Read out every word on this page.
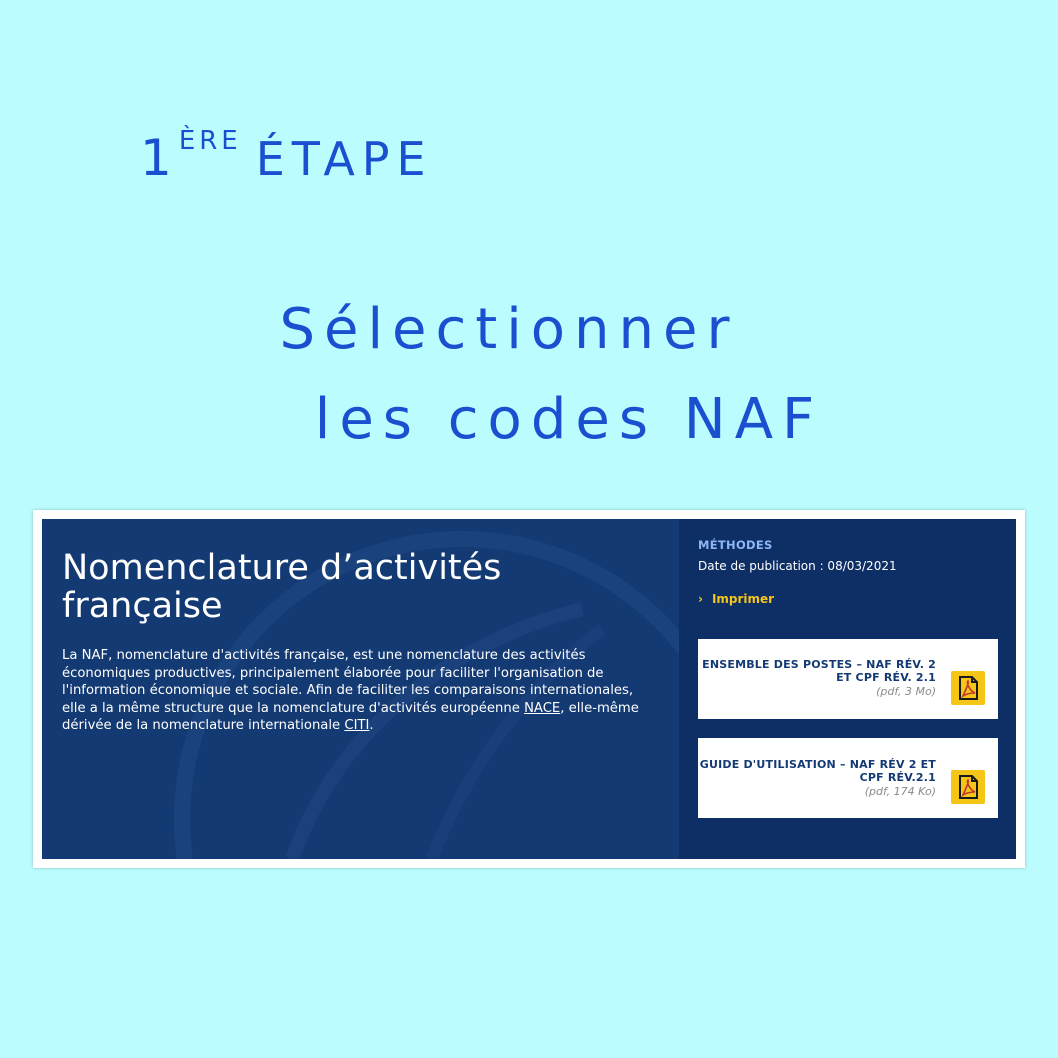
1ÈRE ÉTAPE
Sélectionner
les codes NAF
Nomenclature d’activités française

La NAF, nomenclature d'activités française, est une nomenclature des activités économiques productives, principalement élaborée pour faciliter l'organisation de l'information économique et sociale. Afin de faciliter les comparaisons internationales, elle a la même structure que la nomenclature d'activités européenne NACE, elle-même dérivée de la nomenclature internationale CITI.

MÉTHODES
Date de publication : 08/03/2021
› Imprimer
ENSEMBLE DES POSTES – NAF RÉV. 2 ET CPF RÉV. 2.1
(pdf, 3 Mo)
GUIDE D'UTILISATION – NAF RÉV 2 ET CPF RÉV.2.1
(pdf, 174 Ko)
